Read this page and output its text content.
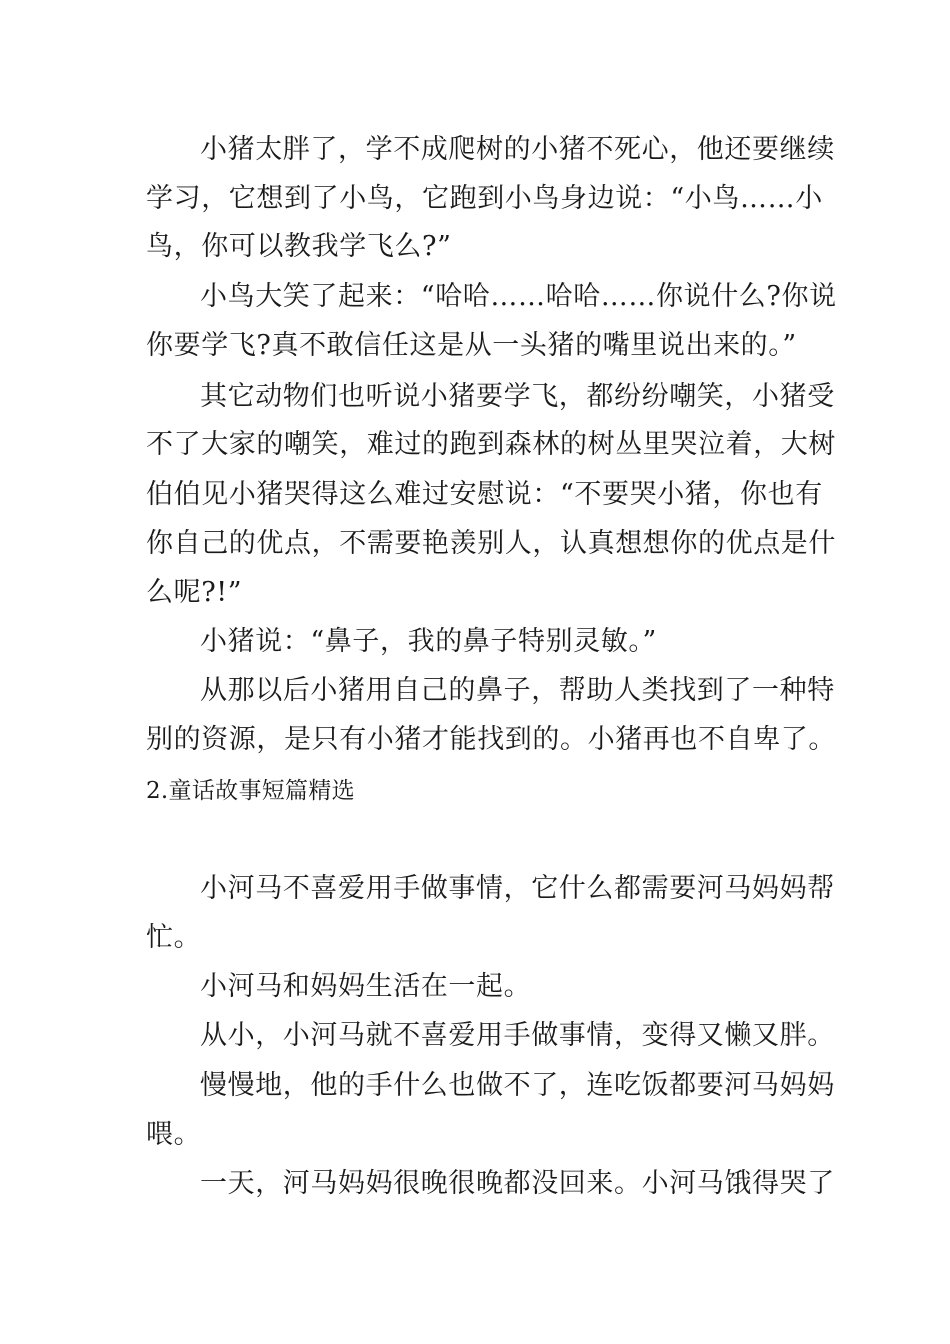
小猪太胖了，学不成爬树的小猪不死心，他还要继续
学习，它想到了小鸟，它跑到小鸟身边说：“小鸟……小
鸟，你可以教我学飞么?”
小鸟大笑了起来：“哈哈……哈哈……你说什么?你说
你要学飞?真不敢信任这是从一头猪的嘴里说出来的。”
其它动物们也听说小猪要学飞，都纷纷嘲笑，小猪受
不了大家的嘲笑，难过的跑到森林的树丛里哭泣着，大树
伯伯见小猪哭得这么难过安慰说：“不要哭小猪，你也有
你自己的优点，不需要艳羡别人，认真想想你的优点是什
么呢?!”
小猪说：“鼻子，我的鼻子特别灵敏。”
从那以后小猪用自己的鼻子，帮助人类找到了一种特
别的资源，是只有小猪才能找到的。小猪再也不自卑了。
2.童话故事短篇精选
小河马不喜爱用手做事情，它什么都需要河马妈妈帮
忙。
小河马和妈妈生活在一起。
从小，小河马就不喜爱用手做事情，变得又懒又胖。
慢慢地，他的手什么也做不了，连吃饭都要河马妈妈
喂。
一天，河马妈妈很晚很晚都没回来。小河马饿得哭了
